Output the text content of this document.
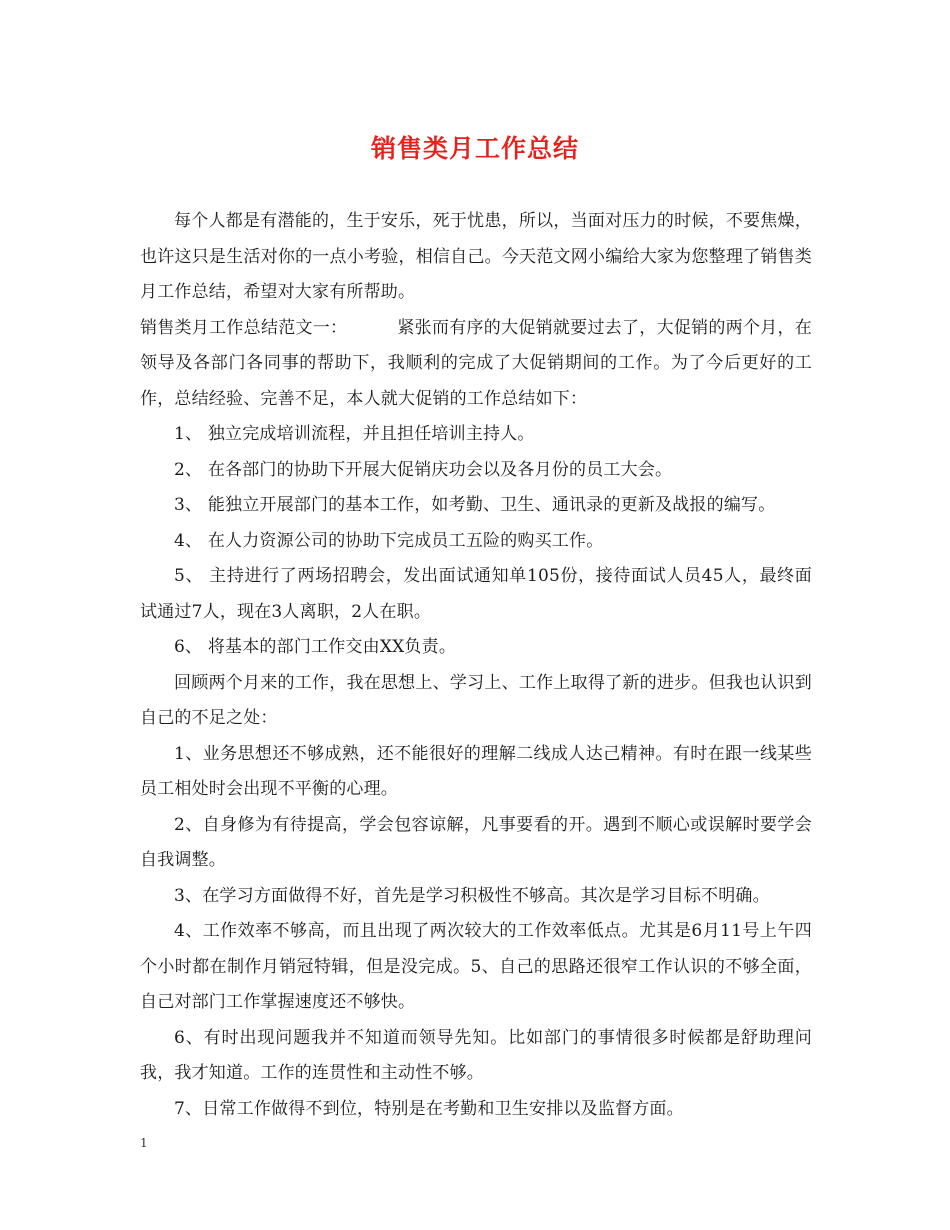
销售类月工作总结

每个人都是有潜能的，生于安乐，死于忧患，所以，当面对压力的时候，不要焦燥，也许这只是生活对你的一点小考验，相信自己。今天范文网小编给大家为您整理了销售类月工作总结，希望对大家有所帮助。

销售类月工作总结范文一：	紧张而有序的大促销就要过去了，大促销的两个月，在领导及各部门各同事的帮助下，我顺利的完成了大促销期间的工作。为了今后更好的工作，总结经验、完善不足，本人就大促销的工作总结如下：

1、 独立完成培训流程，并且担任培训主持人。

2、 在各部门的协助下开展大促销庆功会以及各月份的员工大会。

3、 能独立开展部门的基本工作，如考勤、卫生、通讯录的更新及战报的编写。

4、 在人力资源公司的协助下完成员工五险的购买工作。

5、 主持进行了两场招聘会，发出面试通知单105份，接待面试人员45人，最终面试通过7人，现在3人离职，2人在职。

6、 将基本的部门工作交由XX负责。

回顾两个月来的工作，我在思想上、学习上、工作上取得了新的进步。但我也认识到自己的不足之处：

1、业务思想还不够成熟，还不能很好的理解二线成人达己精神。有时在跟一线某些员工相处时会出现不平衡的心理。

2、自身修为有待提高，学会包容谅解，凡事要看的开。遇到不顺心或误解时要学会自我调整。

3、在学习方面做得不好，首先是学习积极性不够高。其次是学习目标不明确。

4、工作效率不够高，而且出现了两次较大的工作效率低点。尤其是6月11号上午四个小时都在制作月销冠特辑，但是没完成。5、自己的思路还很窄工作认识的不够全面，自己对部门工作掌握速度还不够快。

6、有时出现问题我并不知道而领导先知。比如部门的事情很多时候都是舒助理问我，我才知道。工作的连贯性和主动性不够。

7、日常工作做得不到位，特别是在考勤和卫生安排以及监督方面。

1
